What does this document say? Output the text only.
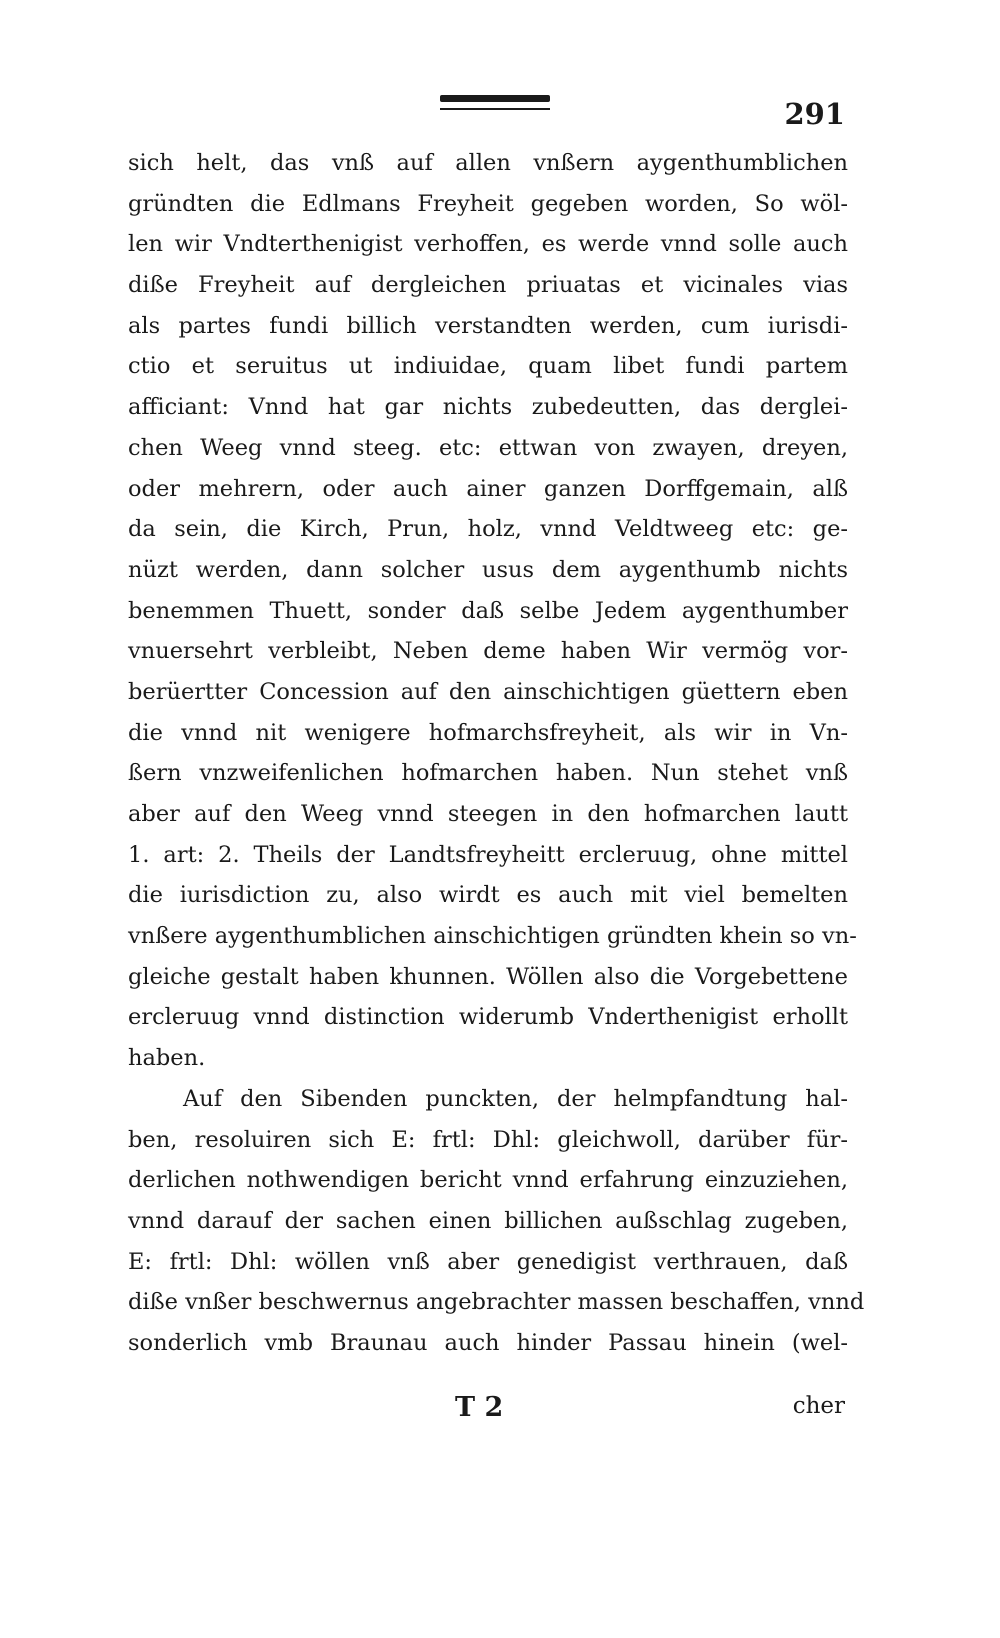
291
sich helt, das vnß auf allen vnßern aygenthumblichen
gründten die Edlmans Freyheit gegeben worden, So wöl-
len wir Vndterthenigist verhoffen, es werde vnnd solle auch
diße Freyheit auf dergleichen priuatas et vicinales vias
als partes fundi billich verstandten werden, cum iurisdi-
ctio et seruitus ut indiuidae, quam libet fundi partem
afficiant: Vnnd hat gar nichts zubedeutten, das derglei-
chen Weeg vnnd steeg. etc: ettwan von zwayen, dreyen,
oder mehrern, oder auch ainer ganzen Dorffgemain, alß
da sein, die Kirch, Prun, holz, vnnd Veldtweeg etc: ge-
nüzt werden, dann solcher usus dem aygenthumb nichts
benemmen Thuett, sonder daß selbe Jedem aygenthumber
vnuersehrt verbleibt, Neben deme haben Wir vermög vor-
berüertter Concession auf den ainschichtigen güettern eben
die vnnd nit wenigere hofmarchsfreyheit, als wir in Vn-
ßern vnzweifenlichen hofmarchen haben. Nun stehet vnß
aber auf den Weeg vnnd steegen in den hofmarchen lautt
1. art: 2. Theils der Landtsfreyheitt ercleruug, ohne mittel
die iurisdiction zu, also wirdt es auch mit viel bemelten
vnßere aygenthumblichen ainschichtigen gründten khein so vn-
gleiche gestalt haben khunnen. Wöllen also die Vorgebettene
ercleruug vnnd distinction widerumb Vnderthenigist erhollt
haben.
Auf den Sibenden punckten, der helmpfandtung hal-
ben, resoluiren sich E: frtl: Dhl: gleichwoll, darüber für-
derlichen nothwendigen bericht vnnd erfahrung einzuziehen,
vnnd darauf der sachen einen billichen außschlag zugeben,
E: frtl: Dhl: wöllen vnß aber genedigist verthrauen, daß
diße vnßer beschwernus angebrachter massen beschaffen, vnnd
sonderlich vmb Braunau auch hinder Passau hinein (wel-
T 2	cher
